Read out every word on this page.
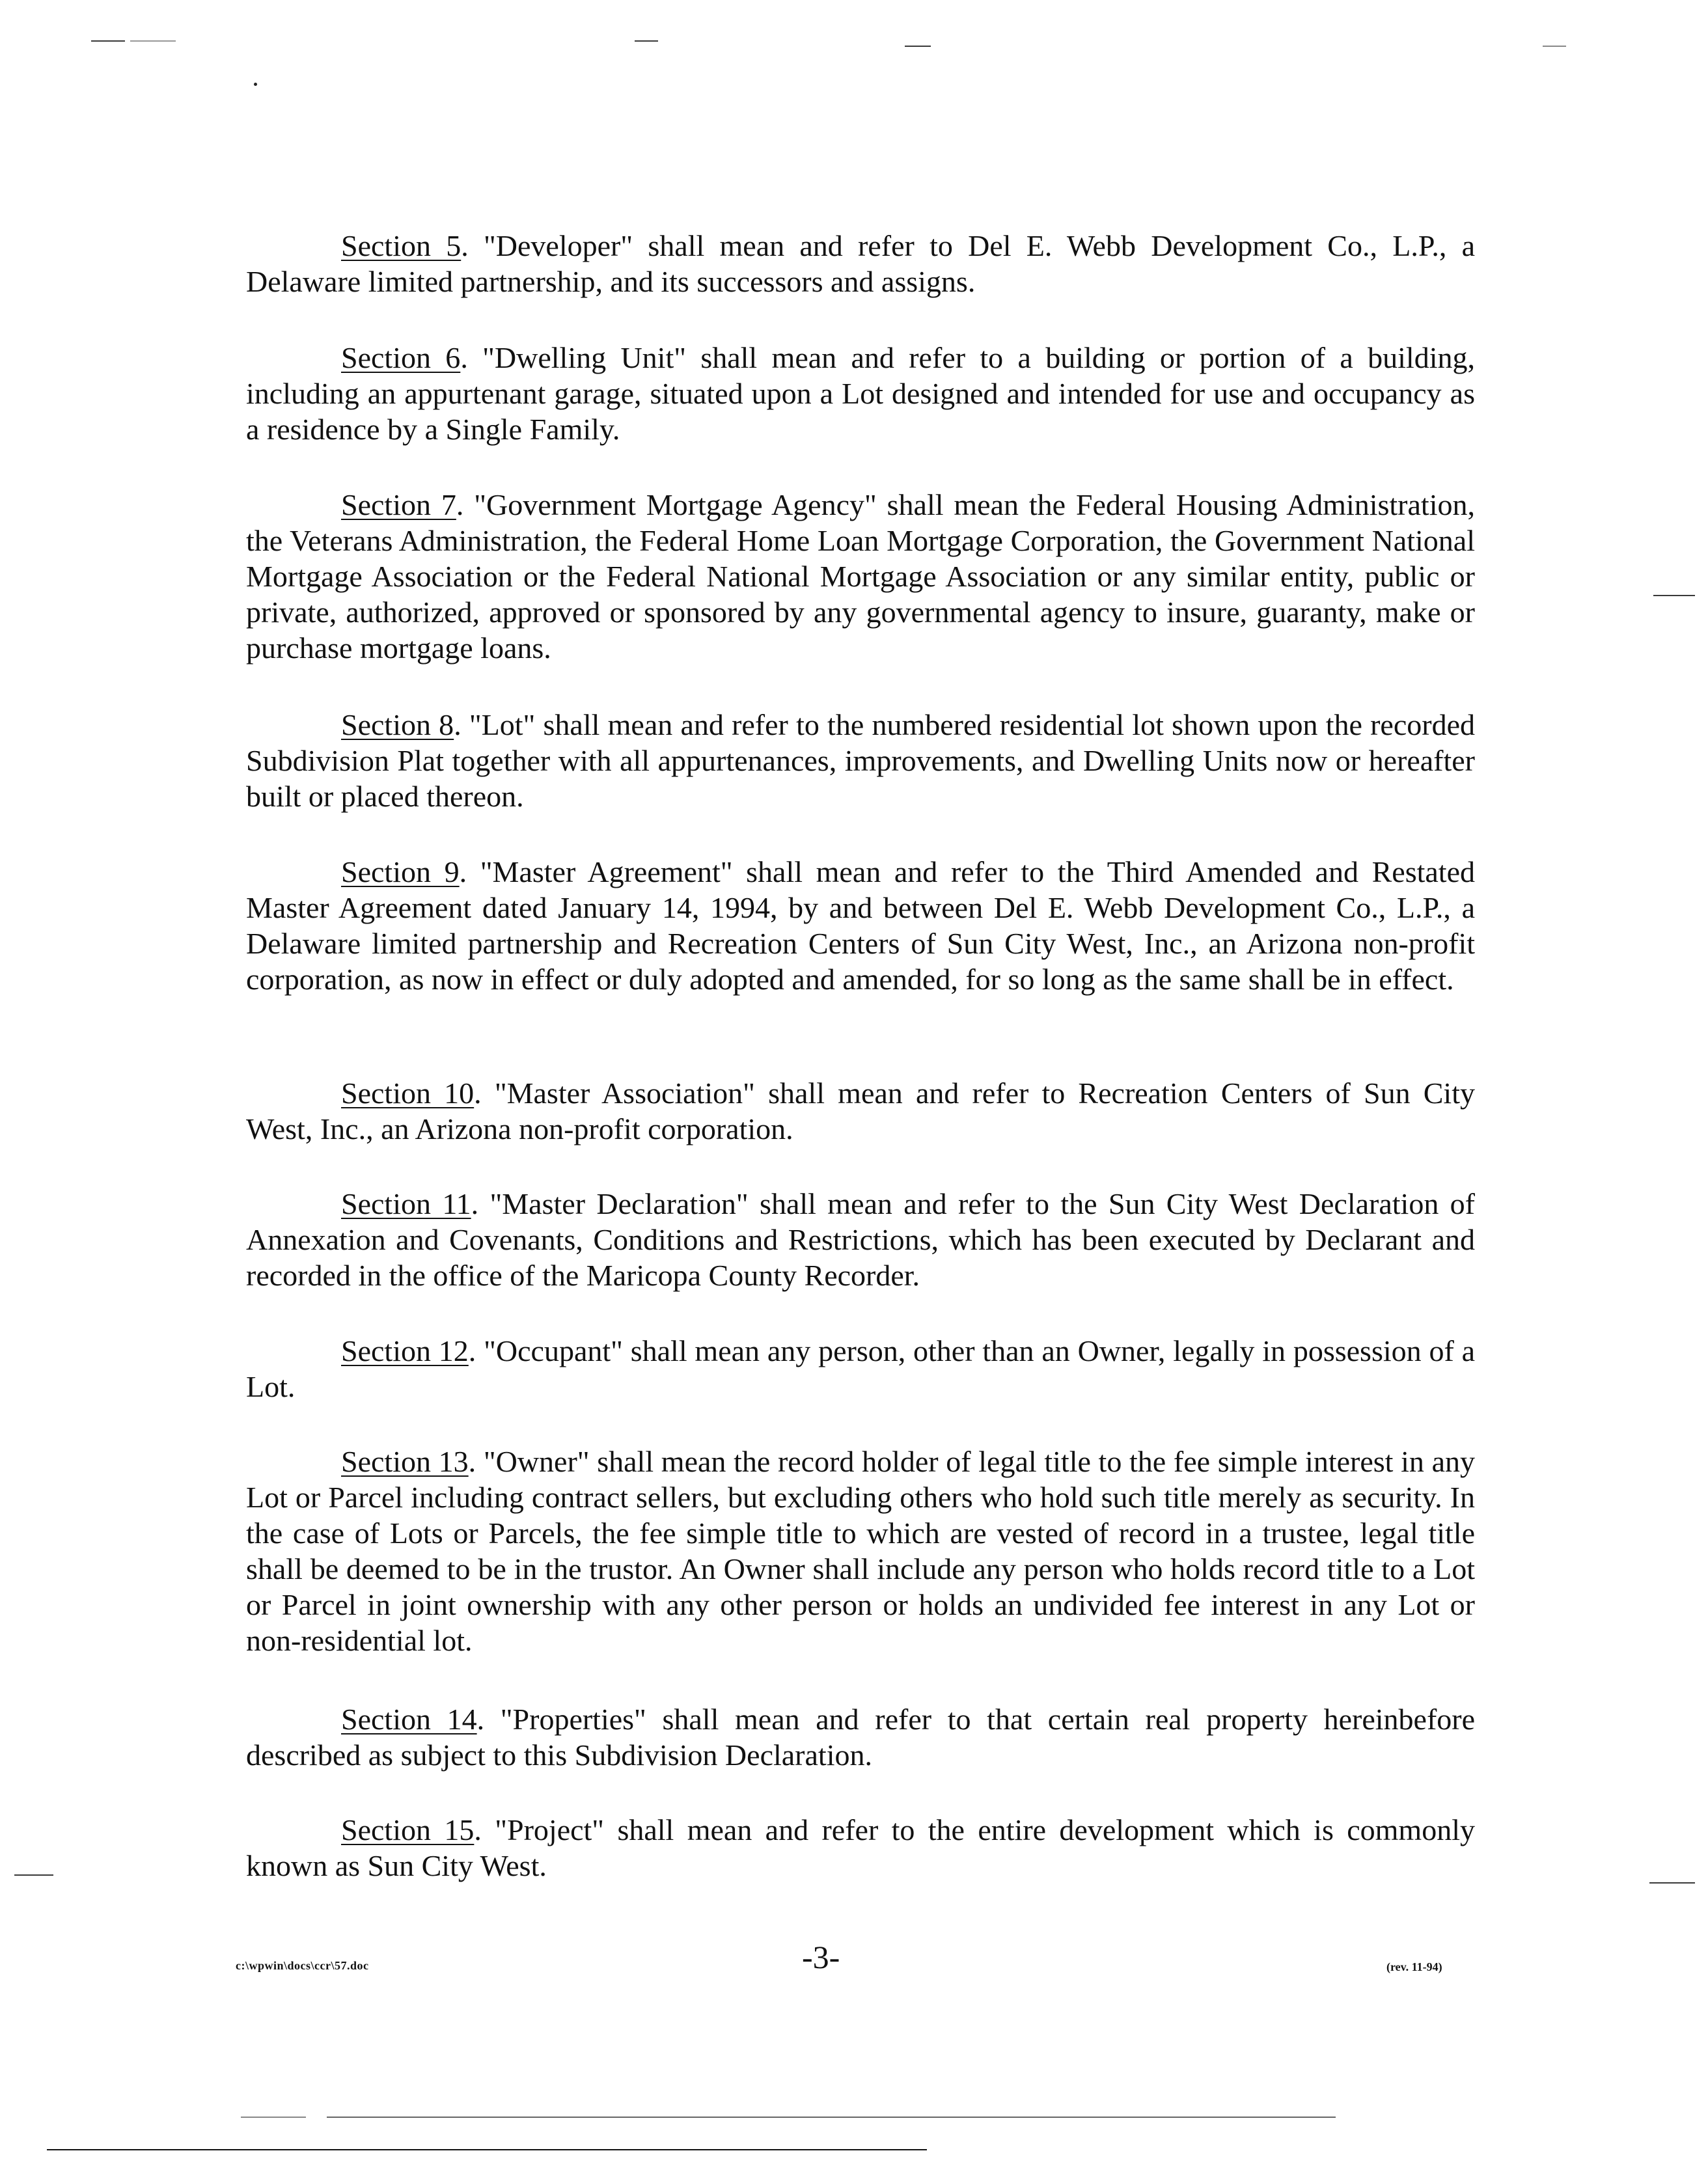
Section 5. "Developer" shall mean and refer to Del E. Webb Development Co., L.P., a Delaware limited partnership, and its successors and assigns.

Section 6. "Dwelling Unit" shall mean and refer to a building or portion of a building, including an appurtenant garage, situated upon a Lot designed and intended for use and occupancy as a residence by a Single Family.

Section 7. "Government Mortgage Agency" shall mean the Federal Housing Administration, the Veterans Administration, the Federal Home Loan Mortgage Corporation, the Government National Mortgage Association or the Federal National Mortgage Association or any similar entity, public or private, authorized, approved or sponsored by any governmental agency to insure, guaranty, make or purchase mortgage loans.

Section 8. "Lot" shall mean and refer to the numbered residential lot shown upon the recorded Subdivision Plat together with all appurtenances, improvements, and Dwelling Units now or hereafter built or placed thereon.

Section 9. "Master Agreement" shall mean and refer to the Third Amended and Restated Master Agreement dated January 14, 1994, by and between Del E. Webb Development Co., L.P., a Delaware limited partnership and Recreation Centers of Sun City West, Inc., an Arizona non-profit corporation, as now in effect or duly adopted and amended, for so long as the same shall be in effect.

Section 10. "Master Association" shall mean and refer to Recreation Centers of Sun City West, Inc., an Arizona non-profit corporation.

Section 11. "Master Declaration" shall mean and refer to the Sun City West Declaration of Annexation and Covenants, Conditions and Restrictions, which has been executed by Declarant and recorded in the office of the Maricopa County Recorder.

Section 12. "Occupant" shall mean any person, other than an Owner, legally in possession of a Lot.

Section 13. "Owner" shall mean the record holder of legal title to the fee simple interest in any Lot or Parcel including contract sellers, but excluding others who hold such title merely as security. In the case of Lots or Parcels, the fee simple title to which are vested of record in a trustee, legal title shall be deemed to be in the trustor. An Owner shall include any person who holds record title to a Lot or Parcel in joint ownership with any other person or holds an undivided fee interest in any Lot or non-residential lot.

Section 14. "Properties" shall mean and refer to that certain real property hereinbefore described as subject to this Subdivision Declaration.

Section 15. "Project" shall mean and refer to the entire development which is commonly known as Sun City West.

c:\wpwin\docs\ccr\57.doc	-3-	(rev. 11-94)
